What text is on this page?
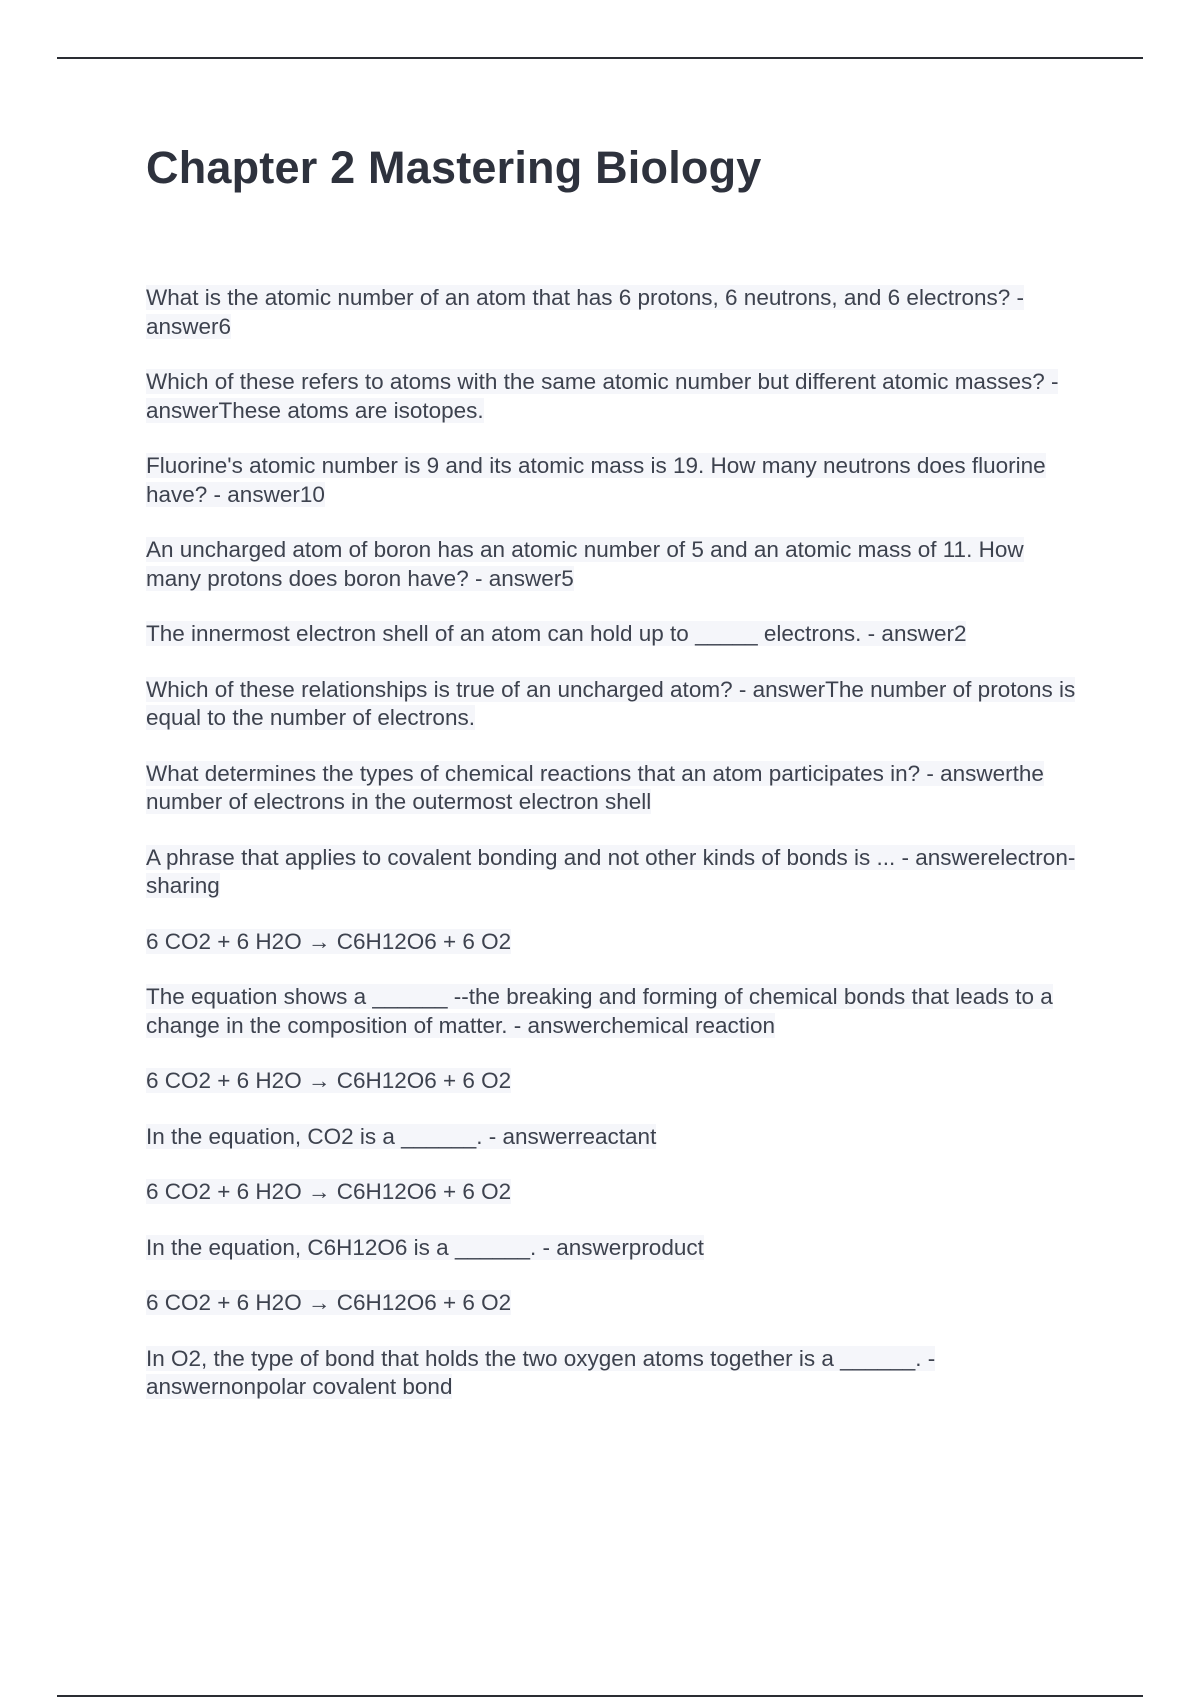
Chapter 2 Mastering Biology

What is the atomic number of an atom that has 6 protons, 6 neutrons, and 6 electrons? - answer6

Which of these refers to atoms with the same atomic number but different atomic masses? - answerThese atoms are isotopes.

Fluorine's atomic number is 9 and its atomic mass is 19. How many neutrons does fluorine have? - answer10

An uncharged atom of boron has an atomic number of 5 and an atomic mass of 11. How many protons does boron have? - answer5

The innermost electron shell of an atom can hold up to _____ electrons. - answer2

Which of these relationships is true of an uncharged atom? - answerThe number of protons is equal to the number of electrons.

What determines the types of chemical reactions that an atom participates in? - answerthe number of electrons in the outermost electron shell

A phrase that applies to covalent bonding and not other kinds of bonds is ... - answerelectron-sharing

6 CO2 + 6 H2O → C6H12O6 + 6 O2

The equation shows a ______ --the breaking and forming of chemical bonds that leads to a change in the composition of matter. - answerchemical reaction

6 CO2 + 6 H2O → C6H12O6 + 6 O2

In the equation, CO2 is a ______. - answerreactant

6 CO2 + 6 H2O → C6H12O6 + 6 O2

In the equation, C6H12O6 is a ______. - answerproduct

6 CO2 + 6 H2O → C6H12O6 + 6 O2

In O2, the type of bond that holds the two oxygen atoms together is a ______. - answernonpolar covalent bond
